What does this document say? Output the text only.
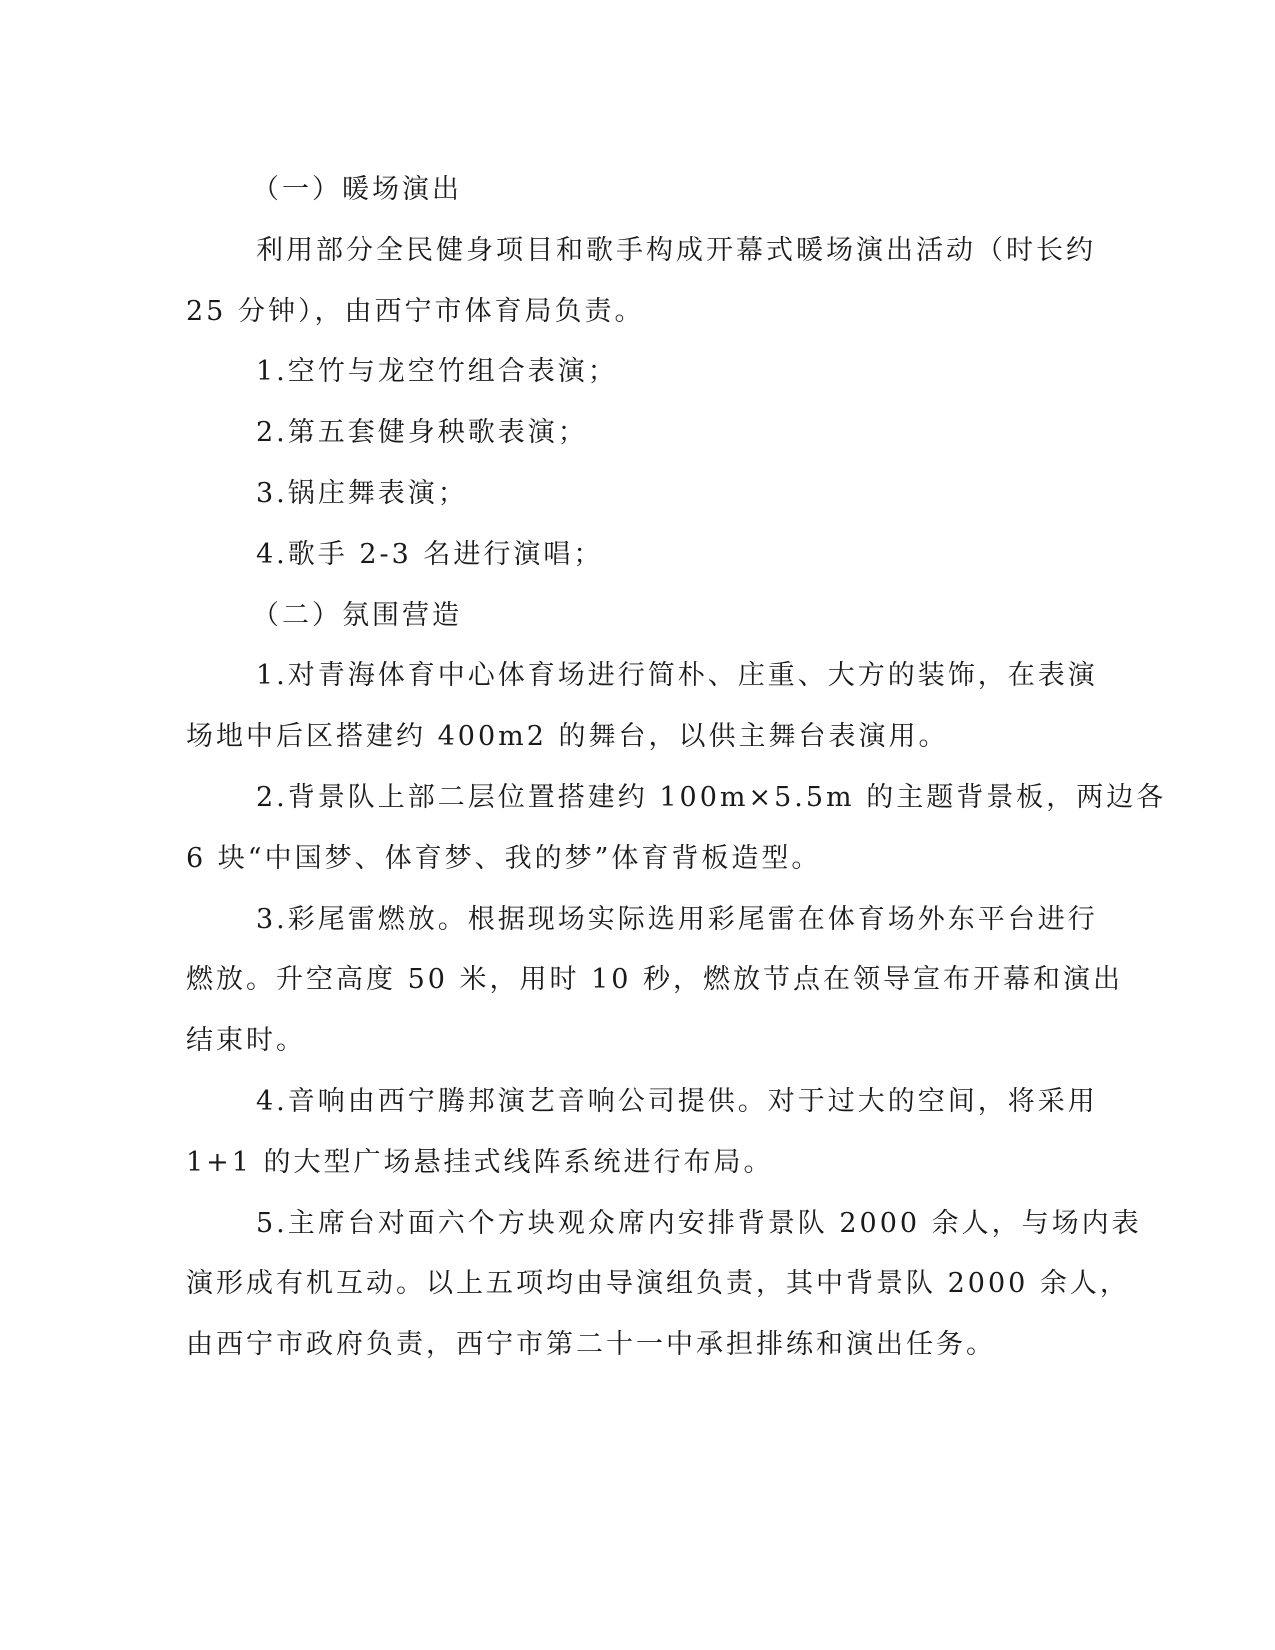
（一）暖场演出
利用部分全民健身项目和歌手构成开幕式暖场演出活动（时长约
25 分钟），由西宁市体育局负责。
1.空竹与龙空竹组合表演；
2.第五套健身秧歌表演；
3.锅庄舞表演；
4.歌手 2-3 名进行演唱；
（二）氛围营造
1.对青海体育中心体育场进行简朴、庄重、大方的装饰，在表演
场地中后区搭建约 400m2 的舞台，以供主舞台表演用。
2.背景队上部二层位置搭建约 100m×5.5m 的主题背景板，两边各
6 块“中国梦、体育梦、我的梦”体育背板造型。
3.彩尾雷燃放。根据现场实际选用彩尾雷在体育场外东平台进行
燃放。升空高度 50 米，用时 10 秒，燃放节点在领导宣布开幕和演出
结束时。
4.音响由西宁腾邦演艺音响公司提供。对于过大的空间，将采用
1+1 的大型广场悬挂式线阵系统进行布局。
5.主席台对面六个方块观众席内安排背景队 2000 余人，与场内表
演形成有机互动。以上五项均由导演组负责，其中背景队 2000 余人，
由西宁市政府负责，西宁市第二十一中承担排练和演出任务。
